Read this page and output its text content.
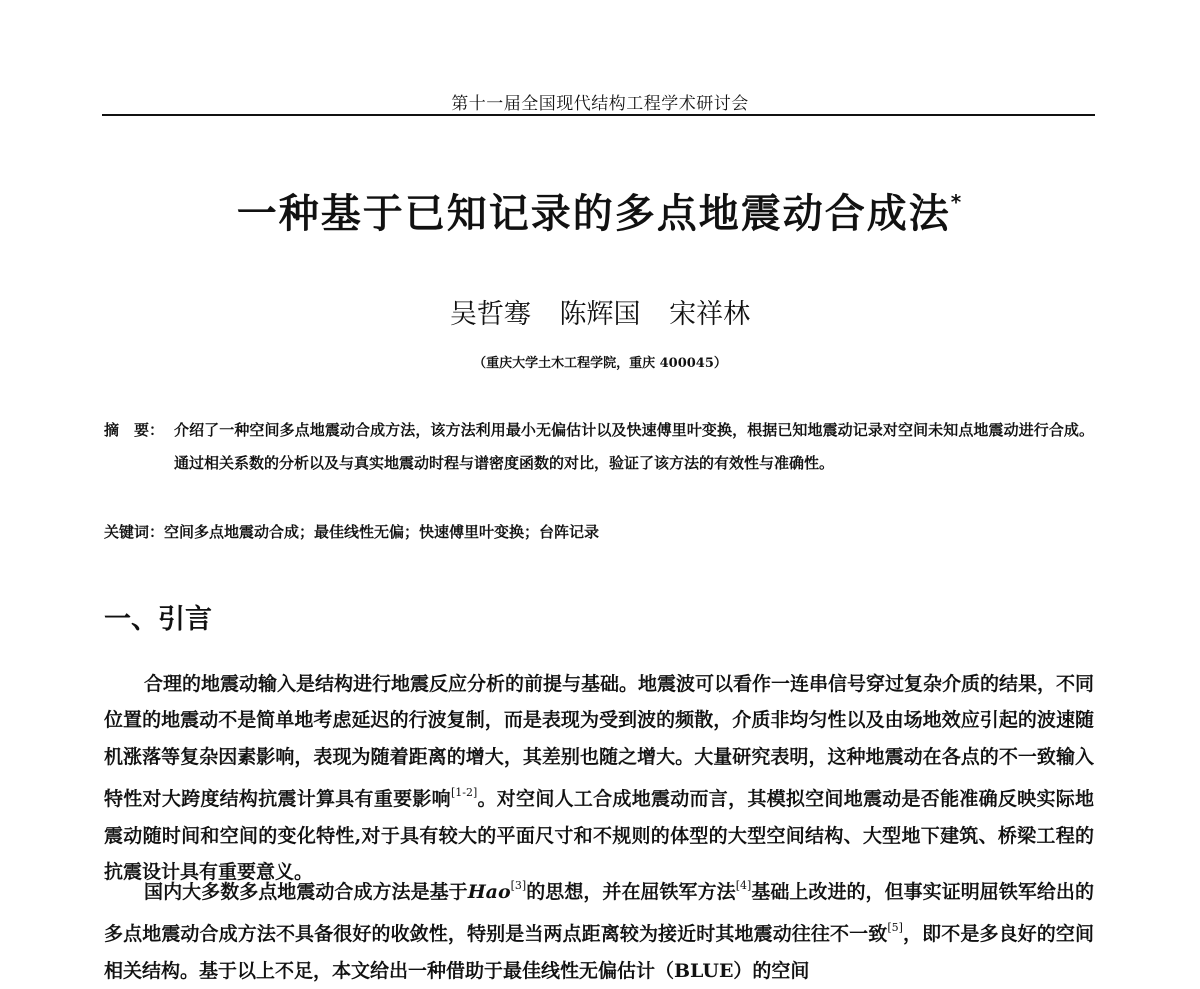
第十一届全国现代结构工程学术研讨会
一种基于已知记录的多点地震动合成法*
吴哲骞 陈辉国 宋祥林
（重庆大学土木工程学院，重庆 400045）
摘　要： 介绍了一种空间多点地震动合成方法，该方法利用最小无偏估计以及快速傅里叶变换，根据已知地震动记录对空间未知点地震动进行合成。通过相关系数的分析以及与真实地震动时程与谱密度函数的对比，验证了该方法的有效性与准确性。
关键词：空间多点地震动合成；最佳线性无偏；快速傅里叶变换；台阵记录
一、引言

合理的地震动输入是结构进行地震反应分析的前提与基础。地震波可以看作一连串信号穿过复杂介质的结果，不同位置的地震动不是简单地考虑延迟的行波复制，而是表现为受到波的频散，介质非均匀性以及由场地效应引起的波速随机涨落等复杂因素影响，表现为随着距离的增大，其差别也随之增大。大量研究表明，这种地震动在各点的不一致输入特性对大跨度结构抗震计算具有重要影响[1-2]。对空间人工合成地震动而言，其模拟空间地震动是否能准确反映实际地震动随时间和空间的变化特性,对于具有较大的平面尺寸和不规则的体型的大型空间结构、大型地下建筑、桥梁工程的抗震设计具有重要意义。

国内大多数多点地震动合成方法是基于Hao[3]的思想，并在屈铁军方法[4]基础上改进的，但事实证明屈铁军给出的多点地震动合成方法不具备很好的收敛性，特别是当两点距离较为接近时其地震动往往不一致[5]，即不是多良好的空间相关结构。基于以上不足，本文给出一种借助于最佳线性无偏估计（BLUE）的空间
